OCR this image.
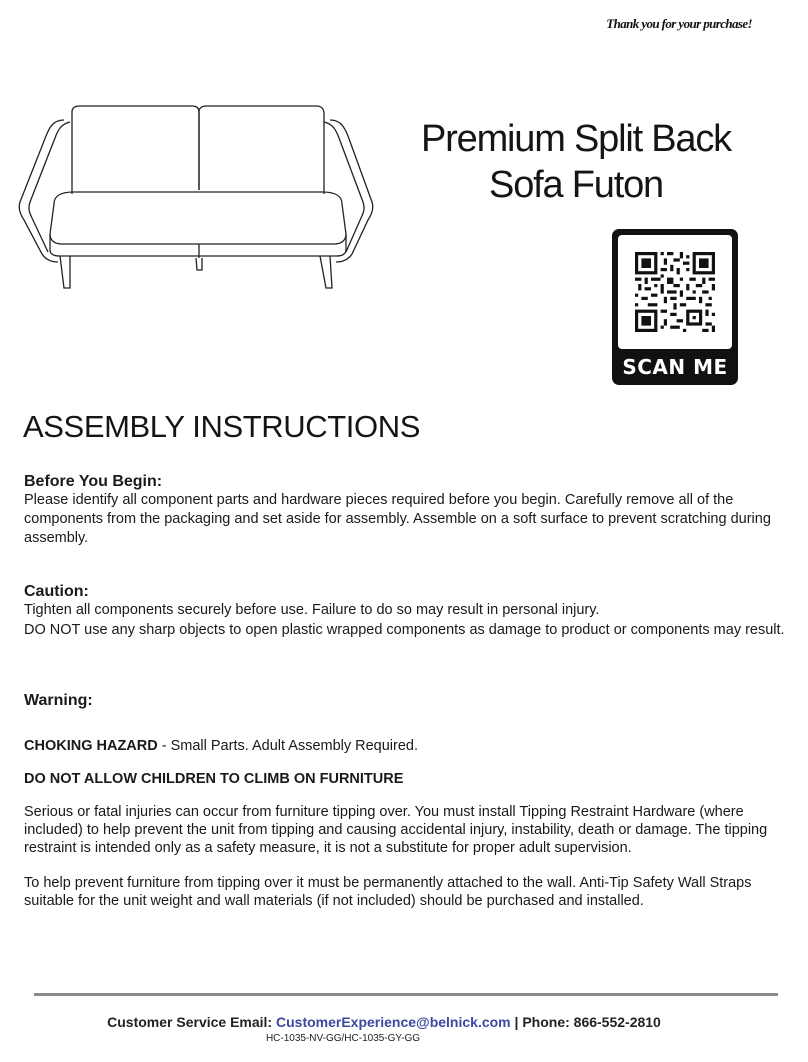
Thank you for your purchase!
Premium Split Back
Sofa Futon
SCAN ME
ASSEMBLY INSTRUCTIONS
Before You Begin:

Please identify all component parts and hardware pieces required before you begin. Carefully remove all of the components from the packaging and set aside for assembly. Assemble on a soft surface to prevent scratching during assembly.

Caution:

Tighten all components securely before use. Failure to do so may result in personal injury.

DO NOT use any sharp objects to open plastic wrapped components as damage to product or components may result.

Warning:

CHOKING HAZARD - Small Parts. Adult Assembly Required.

DO NOT ALLOW CHILDREN TO CLIMB ON FURNITURE

Serious or fatal injuries can occur from furniture tipping over. You must install Tipping Restraint Hardware (where included) to help prevent the unit from tipping and causing accidental injury, instability, death or damage. The tipping restraint is intended only as a safety measure, it is not a substitute for proper adult supervision.

To help prevent furniture from tipping over it must be permanently attached to the wall. Anti-Tip Safety Wall Straps suitable for the unit weight and wall materials (if not included) should be purchased and installed.

Customer Service Email: CustomerExperience@belnick.com | Phone: 866-552-2810
HC-1035-NV-GG/HC-1035-GY-GG
